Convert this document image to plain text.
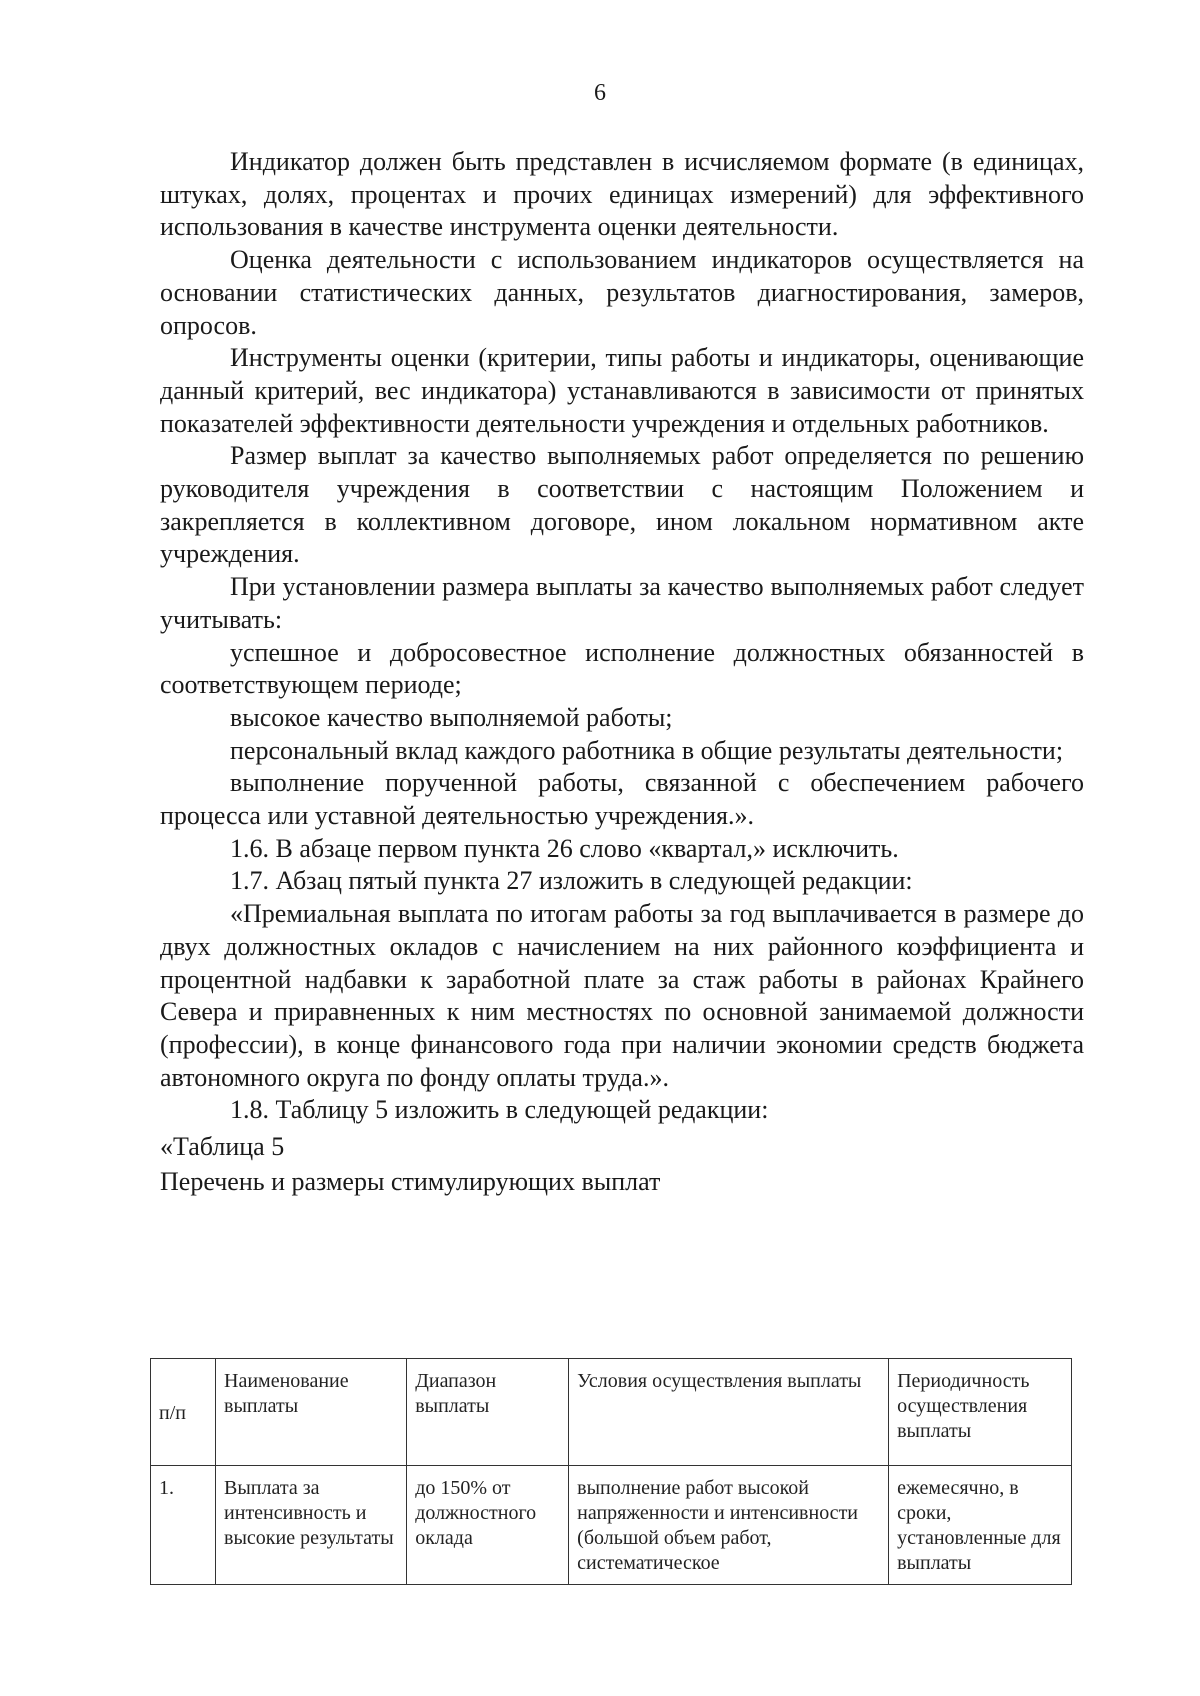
6

Индикатор должен быть представлен в исчисляемом формате (в единицах, штуках, долях, процентах и прочих единицах измерений) для эффективного использования в качестве инструмента оценки деятельности.

Оценка деятельности с использованием индикаторов осуществляется на основании статистических данных, результатов диагностирования, замеров, опросов.

Инструменты оценки (критерии, типы работы и индикаторы, оценивающие данный критерий, вес индикатора) устанавливаются в зависимости от принятых показателей эффективности деятельности учреждения и отдельных работников.

Размер выплат за качество выполняемых работ определяется по решению руководителя учреждения в соответствии с настоящим Положением и закрепляется в коллективном договоре, ином локальном нормативном акте учреждения.

При установлении размера выплаты за качество выполняемых работ следует учитывать:

успешное и добросовестное исполнение должностных обязанностей в соответствующем периоде;

высокое качество выполняемой работы;

персональный вклад каждого работника в общие результаты деятельности;

выполнение порученной работы, связанной с обеспечением рабочего процесса или уставной деятельностью учреждения.».

1.6. В абзаце первом пункта 26 слово «квартал,» исключить.

1.7. Абзац пятый пункта 27 изложить в следующей редакции:

«Премиальная выплата по итогам работы за год выплачивается в размере до двух должностных окладов с начислением на них районного коэффициента и процентной надбавки к заработной плате за стаж работы в районах Крайнего Севера и приравненных к ним местностях по основной занимаемой должности (профессии), в конце финансового года при наличии экономии средств бюджета автономного округа по фонду оплаты труда.».

1.8. Таблицу 5 изложить в следующей редакции:

«Таблица 5

Перечень и размеры стимулирующих выплат

п/п	Наименование выплаты	Диапазон выплаты	Условия осуществления выплаты	Периодичность осуществления выплаты
1.	Выплата за интенсивность и высокие результаты	до 150% от должностного оклада	выполнение работ высокой напряженности и интенсивности (большой объем работ, систематическое	ежемесячно, в сроки, установленные для выплаты
